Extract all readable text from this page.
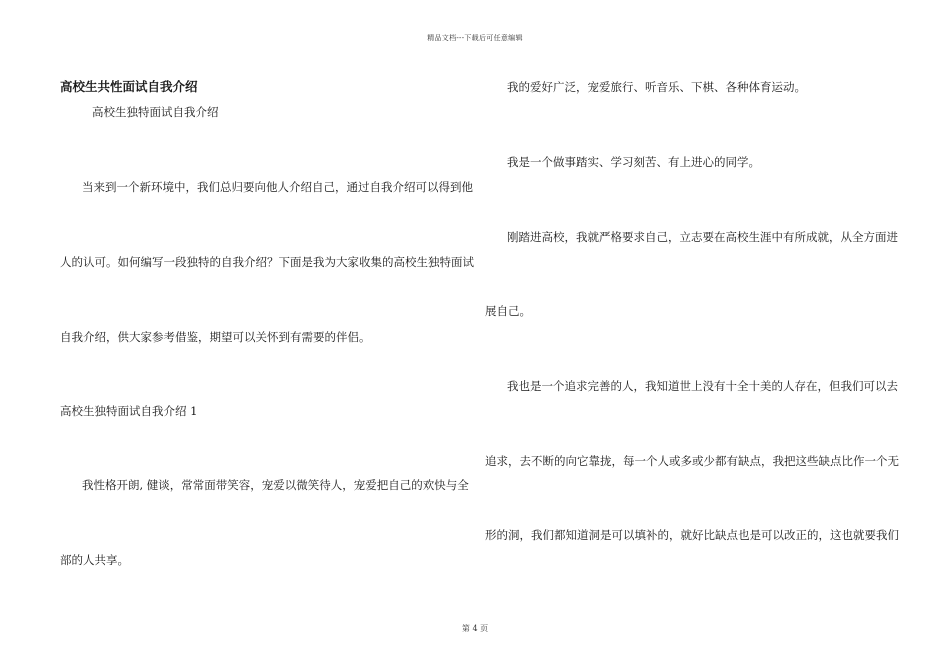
精品文档---下载后可任意编辑
高校生共性面试自我介绍
高校生独特面试自我介绍
当来到一个新环境中，我们总归要向他人介绍自己，通过自我介绍可以得到他
人的认可。如何编写一段独特的自我介绍？下面是我为大家收集的高校生独特面试
自我介绍，供大家参考借鉴，期望可以关怀到有需要的伴侣。
高校生独特面试自我介绍 1
我性格开朗, 健谈，常常面带笑容，宠爱以微笑待人，宠爱把自己的欢快与全
部的人共享。
我的爱好广泛，宠爱旅行、听音乐、下棋、各种体育运动。
我是一个做事踏实、学习刻苦、有上进心的同学。
刚踏进高校，我就严格要求自己，立志要在高校生涯中有所成就，从全方面进
展自己。
我也是一个追求完善的人，我知道世上没有十全十美的人存在，但我们可以去
追求，去不断的向它靠拢，每一个人或多或少都有缺点，我把这些缺点比作一个无
形的洞，我们都知道洞是可以填补的，就好比缺点也是可以改正的，这也就要我们
第 4 页
